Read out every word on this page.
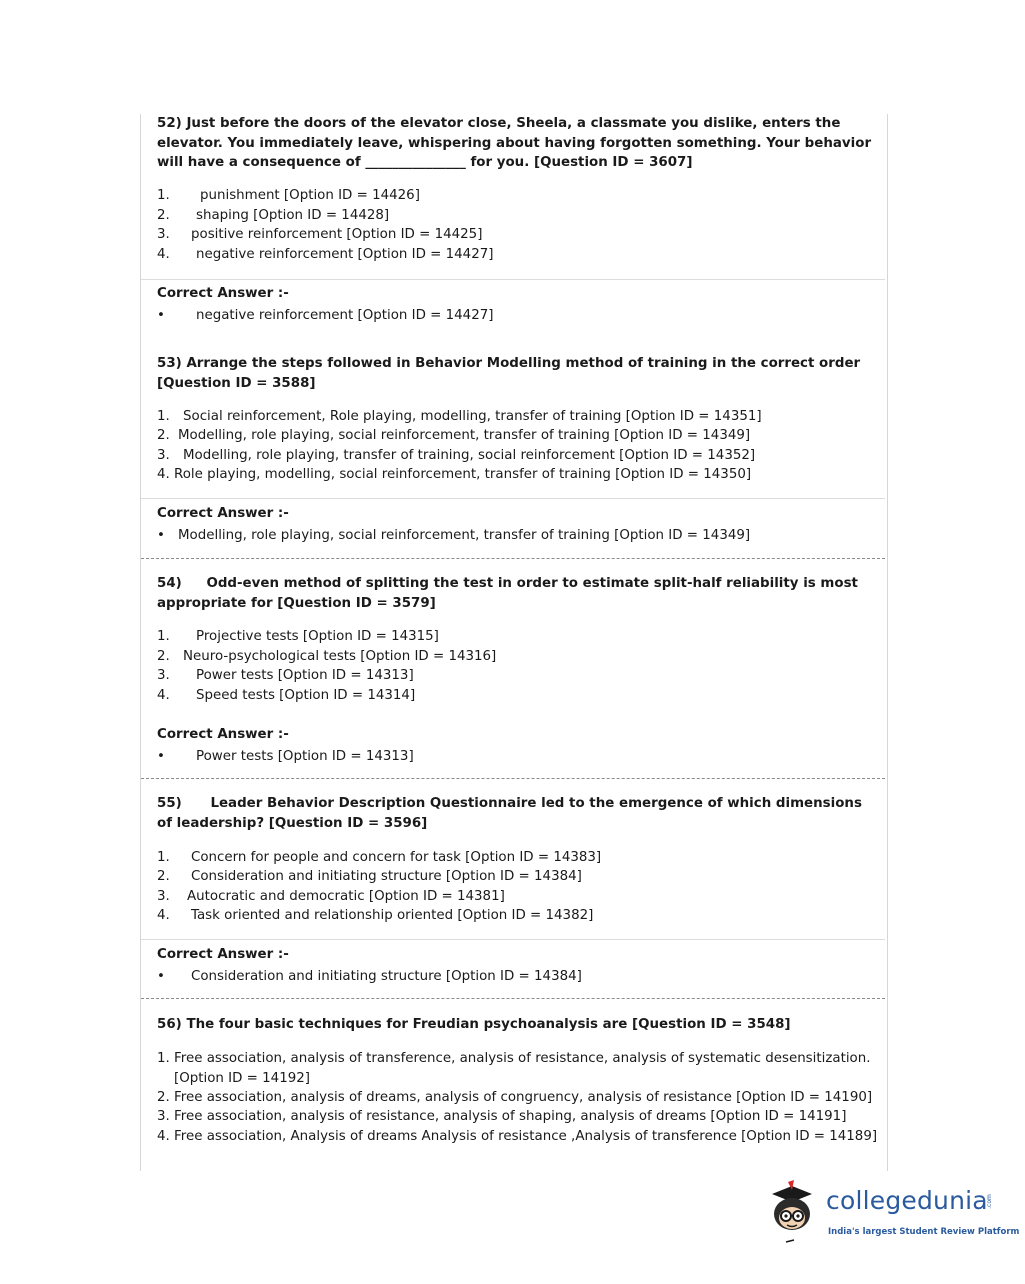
52) Just before the doors of the elevator close, Sheela, a classmate you dislike, enters the elevator. You immediately leave, whispering about having forgotten something. Your behavior will have a consequence of _______________ for you. [Question ID = 3607]
1. punishment [Option ID = 14426]
2. shaping [Option ID = 14428]
3. positive reinforcement [Option ID = 14425]
4. negative reinforcement [Option ID = 14427]
Correct Answer :-
• negative reinforcement [Option ID = 14427]
53) Arrange the steps followed in Behavior Modelling method of training in the correct order [Question ID = 3588]
1. Social reinforcement, Role playing, modelling, transfer of training [Option ID = 14351]
2. Modelling, role playing, social reinforcement, transfer of training [Option ID = 14349]
3. Modelling, role playing, transfer of training, social reinforcement [Option ID = 14352]
4. Role playing, modelling, social reinforcement, transfer of training [Option ID = 14350]
Correct Answer :-
• Modelling, role playing, social reinforcement, transfer of training [Option ID = 14349]
54) Odd-even method of splitting the test in order to estimate split-half reliability is most appropriate for [Question ID = 3579]
1. Projective tests [Option ID = 14315]
2. Neuro-psychological tests [Option ID = 14316]
3. Power tests [Option ID = 14313]
4. Speed tests [Option ID = 14314]
Correct Answer :-
• Power tests [Option ID = 14313]
55) Leader Behavior Description Questionnaire led to the emergence of which dimensions of leadership? [Question ID = 3596]
1. Concern for people and concern for task [Option ID = 14383]
2. Consideration and initiating structure [Option ID = 14384]
3. Autocratic and democratic [Option ID = 14381]
4. Task oriented and relationship oriented [Option ID = 14382]
Correct Answer :-
• Consideration and initiating structure [Option ID = 14384]
56) The four basic techniques for Freudian psychoanalysis are [Question ID = 3548]
1. Free association, analysis of transference, analysis of resistance, analysis of systematic desensitization. [Option ID = 14192]
2. Free association, analysis of dreams, analysis of congruency, analysis of resistance [Option ID = 14190]
3. Free association, analysis of resistance, analysis of shaping, analysis of dreams [Option ID = 14191]
4. Free association, Analysis of dreams Analysis of resistance ,Analysis of transference [Option ID = 14189]
collegedunia
.com
India's largest Student Review Platform
